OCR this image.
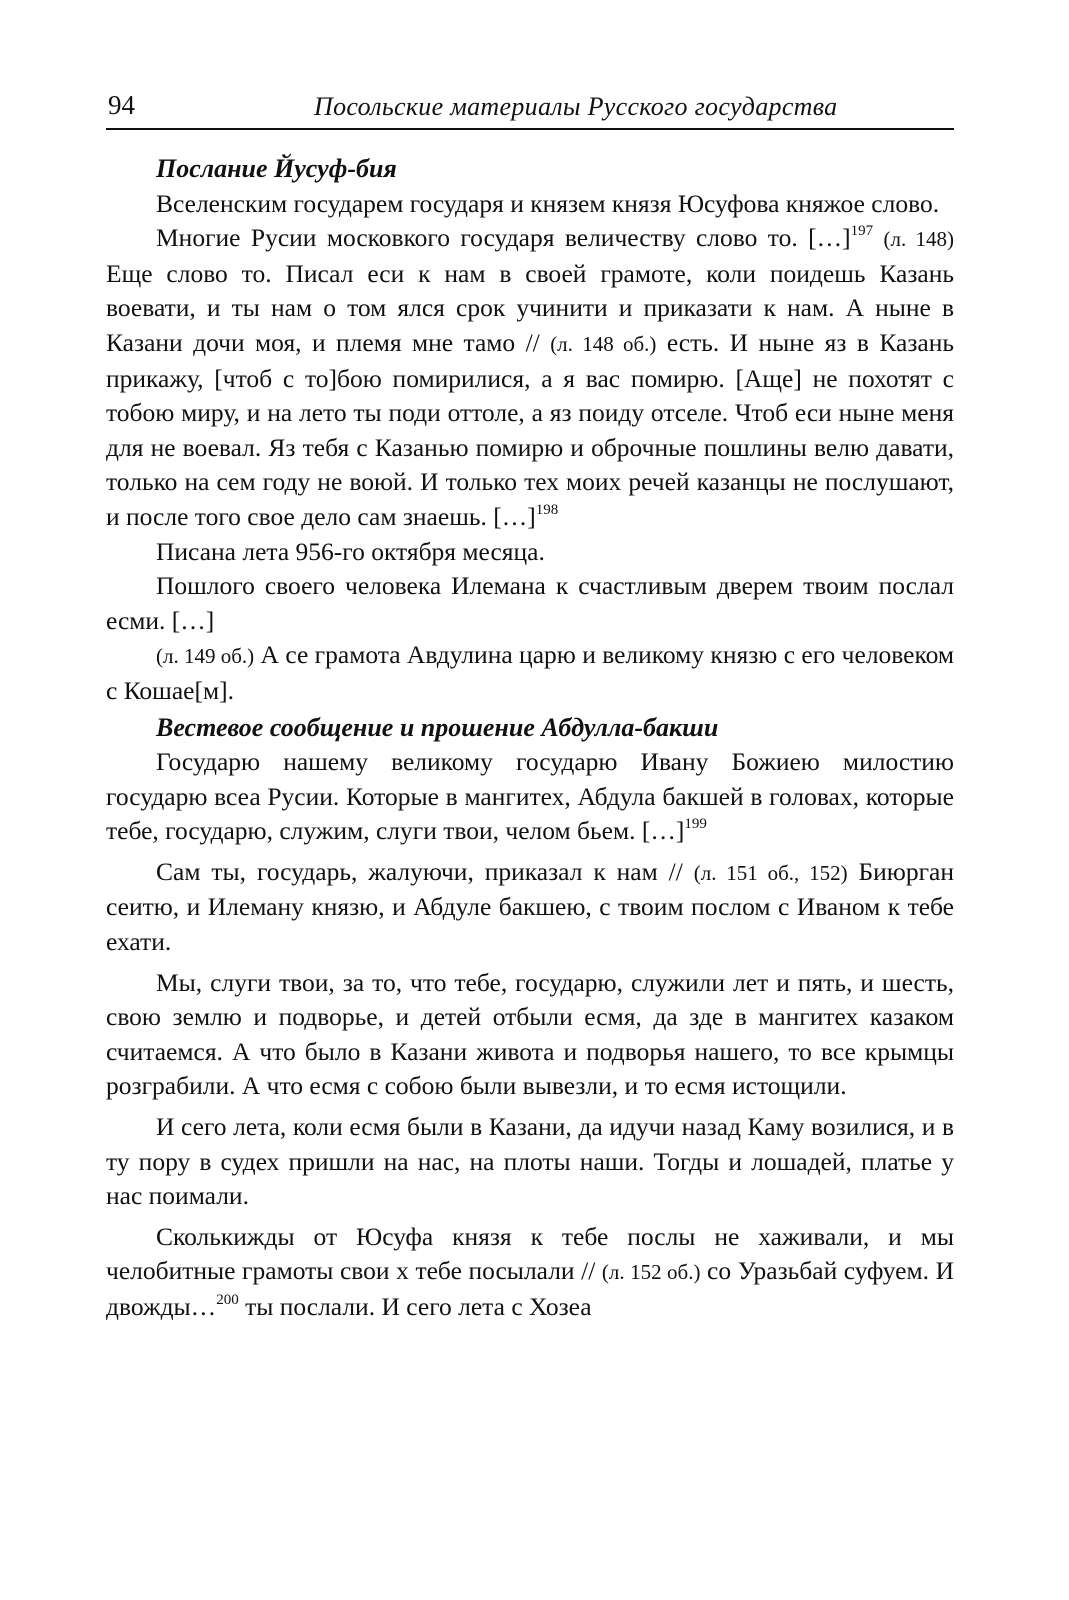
94	Посольские материалы Русского государства

Послание Йусуф-бия

Вселенским государем государя и князем князя Юсуфова княжое слово.

Многие Русии московкого государя величеству слово то. […]$^{197}$ (л. 148) Еще слово то. Писал еси к нам в своей грамоте, коли поидешь Казань воевати, и ты нам о том ялся срок учинити и приказати к нам. А ныне в Казани дочи моя, и племя мне тамо // (л. 148 об.) есть. И ныне яз в Казань прикажу, [чтоб с то]бою помирилися, а я вас помирю. [Аще] не похотят с тобою миру, и на лето ты поди оттоле, а яз поиду отселе. Чтоб еси ныне меня для не воевал. Яз тебя с Казанью помирю и оброчные пошлины велю давати, только на сем году не воюй. И только тех моих речей казанцы не послушают, и после того свое дело сам знаешь. […]$^{198}$

Писана лета 956-го октября месяца.

Пошлого своего человека Илемана к счастливым дверем твоим послал есми. […]

(л. 149 об.) А се грамота Авдулина царю и великому князю с его человеком с Кошае[м].

Вестевое сообщение и прошение Абдулла-бакши

Государю нашему великому государю Ивану Божиею милостию государю всеа Русии. Которые в мангитех, Абдула бакшей в головах, которые тебе, государю, служим, слуги твои, челом бьем. […]$^{199}$

Сам ты, государь, жалуючи, приказал к нам // (л. 151 об., 152) Биюрган сеитю, и Илеману князю, и Абдуле бакшею, с твоим послом с Иваном к тебе ехати.

Мы, слуги твои, за то, что тебе, государю, служили лет и пять, и шесть, свою землю и подворье, и детей отбыли есмя, да зде в мангитех казаком считаемся. А что было в Казани живота и подворья нашего, то все крымцы розграбили. А что есмя с собою были вывезли, и то есмя истощили.

И сего лета, коли есмя были в Казани, да идучи назад Каму возилися, и в ту пору в судех пришли на нас, на плоты наши. Тогды и лошадей, платье у нас поимали.

Сколькижды от Юсуфа князя к тебе послы не хаживали, и мы челобитные грамоты свои х тебе посылали // (л. 152 об.) со Уразьбай суфуем. И двожды…$^{200}$ ты послали. И сего лета с Хозеа
